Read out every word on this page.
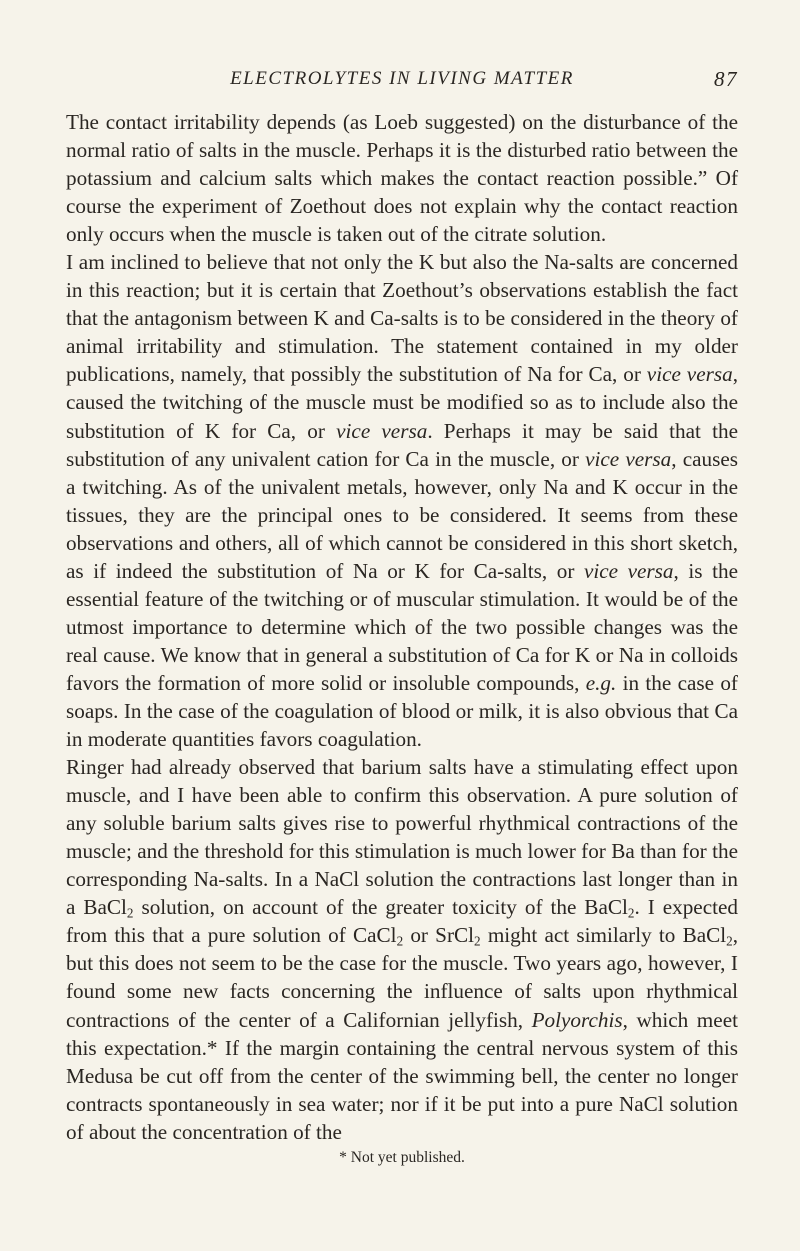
ELECTROLYTES IN LIVING MATTER	87

The contact irritability depends (as Loeb suggested) on the disturbance of the normal ratio of salts in the muscle. Perhaps it is the disturbed ratio between the potassium and calcium salts which makes the contact reaction possible.” Of course the experiment of Zoethout does not explain why the contact reaction only occurs when the muscle is taken out of the citrate solution.

I am inclined to believe that not only the K but also the Na-salts are concerned in this reaction; but it is certain that Zoethout’s observations establish the fact that the antagonism between K and Ca-salts is to be considered in the theory of animal irritability and stimulation. The statement contained in my older publications, namely, that possibly the substitution of Na for Ca, or vice versa, caused the twitching of the muscle must be modified so as to include also the substitution of K for Ca, or vice versa. Perhaps it may be said that the substitution of any univalent cation for Ca in the muscle, or vice versa, causes a twitching. As of the univalent metals, however, only Na and K occur in the tissues, they are the principal ones to be considered. It seems from these observations and others, all of which cannot be considered in this short sketch, as if indeed the substitution of Na or K for Ca-salts, or vice versa, is the essential feature of the twitching or of muscular stimulation. It would be of the utmost importance to determine which of the two possible changes was the real cause. We know that in general a substitution of Ca for K or Na in colloids favors the formation of more solid or insoluble compounds, e.g. in the case of soaps. In the case of the coagulation of blood or milk, it is also obvious that Ca in moderate quantities favors coagulation.

Ringer had already observed that barium salts have a stimulating effect upon muscle, and I have been able to confirm this observation. A pure solution of any soluble barium salts gives rise to powerful rhythmical contractions of the muscle; and the threshold for this stimulation is much lower for Ba than for the corresponding Na-salts. In a NaCl solution the contractions last longer than in a BaCl$_2$ solution, on account of the greater toxicity of the BaCl$_2$. I expected from this that a pure solution of CaCl$_2$ or SrCl$_2$ might act similarly to BaCl$_2$, but this does not seem to be the case for the muscle. Two years ago, however, I found some new facts concerning the influence of salts upon rhythmical contractions of the center of a Californian jellyfish, Polyorchis, which meet this expectation.* If the margin containing the central nervous system of this Medusa be cut off from the center of the swimming bell, the center no longer contracts spontaneously in sea water; nor if it be put into a pure NaCl solution of about the concentration of the

* Not yet published.
